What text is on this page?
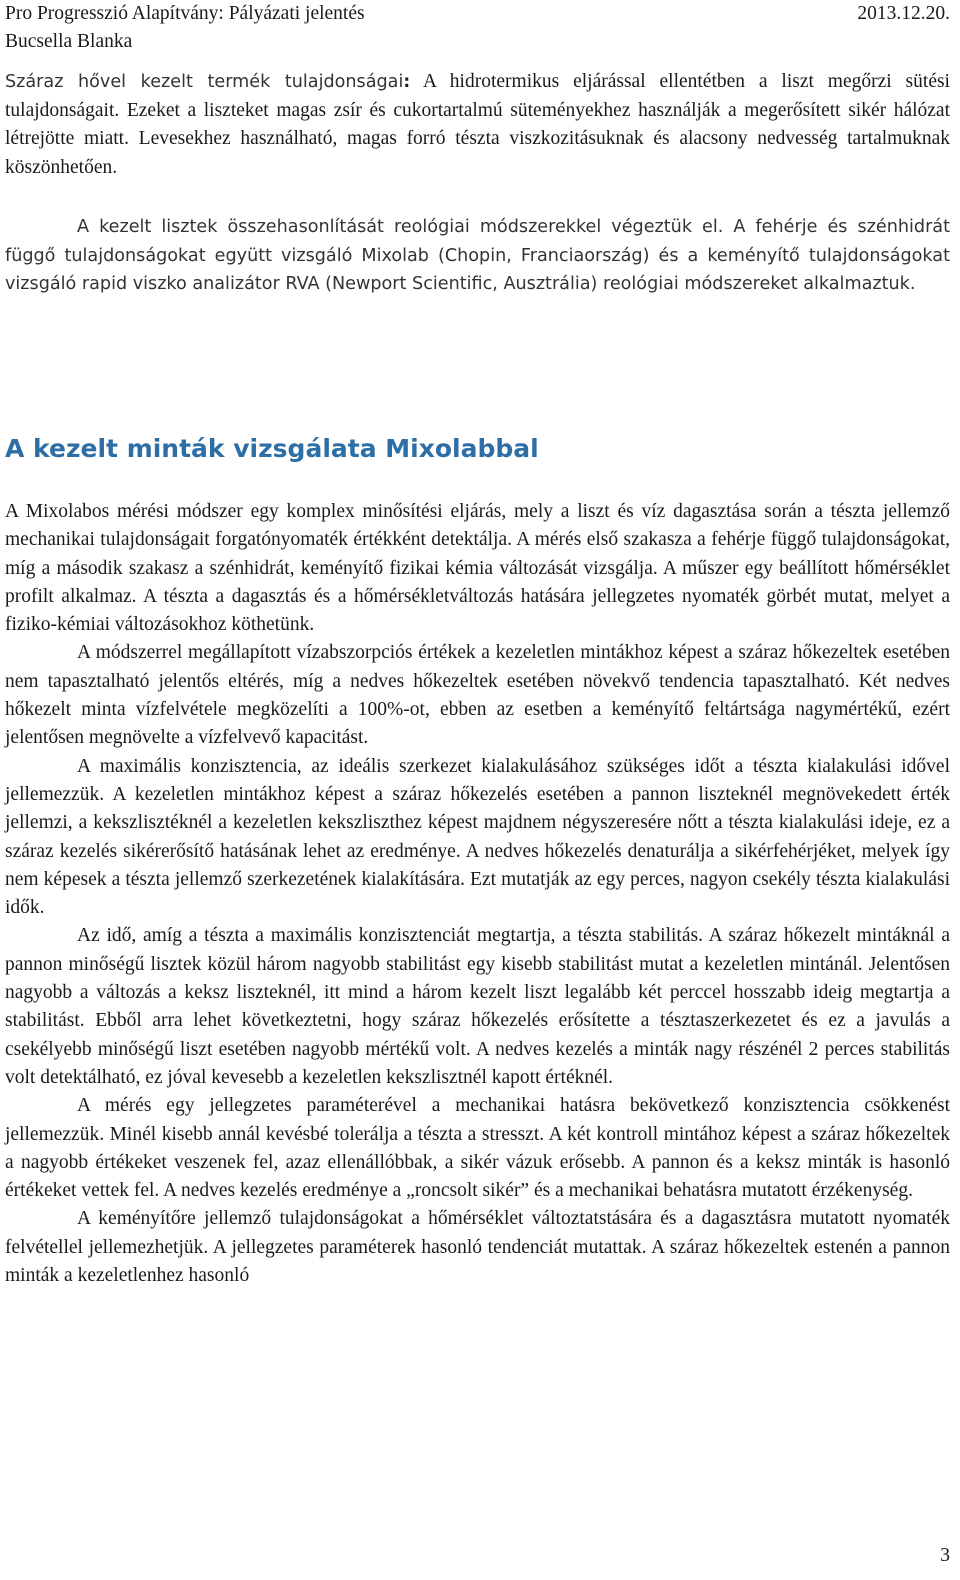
Pro Progresszió Alapítvány: Pályázati jelentés	2013.12.20.
Bucsella Blanka

Száraz hővel kezelt termék tulajdonságai: A hidrotermikus eljárással ellentétben a liszt megőrzi sütési tulajdonságait. Ezeket a liszteket magas zsír és cukortartalmú süteményekhez használják a megerősített sikér hálózat létrejötte miatt. Levesekhez használható, magas forró tészta viszkozitásuknak és alacsony nedvesség tartalmuknak köszönhetően.

A kezelt lisztek összehasonlítását reológiai módszerekkel végeztük el. A fehérje és szénhidrát függő tulajdonságokat együtt vizsgáló Mixolab (Chopin, Franciaország) és a keményítő tulajdonságokat vizsgáló rapid viszko analizátor RVA (Newport Scientific, Ausztrália) reológiai módszereket alkalmaztuk.

A kezelt minták vizsgálata Mixolabbal

A Mixolabos mérési módszer egy komplex minősítési eljárás, mely a liszt és víz dagasztása során a tészta jellemző mechanikai tulajdonságait forgatónyomaték értékként detektálja. A mérés első szakasza a fehérje függő tulajdonságokat, míg a második szakasz a szénhidrát, keményítő fizikai kémia változását vizsgálja. A műszer egy beállított hőmérséklet profilt alkalmaz. A tészta a dagasztás és a hőmérsékletváltozás hatására jellegzetes nyomaték görbét mutat, melyet a fiziko-kémiai változásokhoz köthetünk.

A módszerrel megállapított vízabszorpciós értékek a kezeletlen mintákhoz képest a száraz hőkezeltek esetében nem tapasztalható jelentős eltérés, míg a nedves hőkezeltek esetében növekvő tendencia tapasztalható. Két nedves hőkezelt minta vízfelvétele megközelíti a 100%-ot, ebben az esetben a keményítő feltártsága nagymértékű, ezért jelentősen megnövelte a vízfelvevő kapacitást.

A maximális konzisztencia, az ideális szerkezet kialakulásához szükséges időt a tészta kialakulási idővel jellemezzük. A kezeletlen mintákhoz képest a száraz hőkezelés esetében a pannon liszteknél megnövekedett érték jellemzi, a kekszlisztéknél a kezeletlen kekszliszthez képest majdnem négyszeresére nőtt a tészta kialakulási ideje, ez a száraz kezelés sikérerősítő hatásának lehet az eredménye. A nedves hőkezelés denaturálja a sikérfehérjéket, melyek így nem képesek a tészta jellemző szerkezetének kialakítására. Ezt mutatják az egy perces, nagyon csekély tészta kialakulási idők.

Az idő, amíg a tészta a maximális konzisztenciát megtartja, a tészta stabilitás. A száraz hőkezelt mintáknál a pannon minőségű lisztek közül három nagyobb stabilitást egy kisebb stabilitást mutat a kezeletlen mintánál. Jelentősen nagyobb a változás a keksz liszteknél, itt mind a három kezelt liszt legalább két perccel hosszabb ideig megtartja a stabilitást. Ebből arra lehet következtetni, hogy száraz hőkezelés erősítette a tésztaszerkezetet és ez a javulás a csekélyebb minőségű liszt esetében nagyobb mértékű volt. A nedves kezelés a minták nagy részénél 2 perces stabilitás volt detektálható, ez jóval kevesebb a kezeletlen kekszlisztnél kapott értéknél.

A mérés egy jellegzetes paraméterével a mechanikai hatásra bekövetkező konzisztencia csökkenést jellemezzük. Minél kisebb annál kevésbé tolerálja a tészta a stresszt. A két kontroll mintához képest a száraz hőkezeltek a nagyobb értékeket veszenek fel, azaz ellenállóbbak, a sikér vázuk erősebb. A pannon és a keksz minták is hasonló értékeket vettek fel. A nedves kezelés eredménye a „roncsolt sikér” és a mechanikai behatásra mutatott érzékenység.

A keményítőre jellemző tulajdonságokat a hőmérséklet változtatstására és a dagasztásra mutatott nyomaték felvétellel jellemezhetjük. A jellegzetes paraméterek hasonló tendenciát mutattak. A száraz hőkezeltek estenén a pannon minták a kezeletlenhez hasonló

3
